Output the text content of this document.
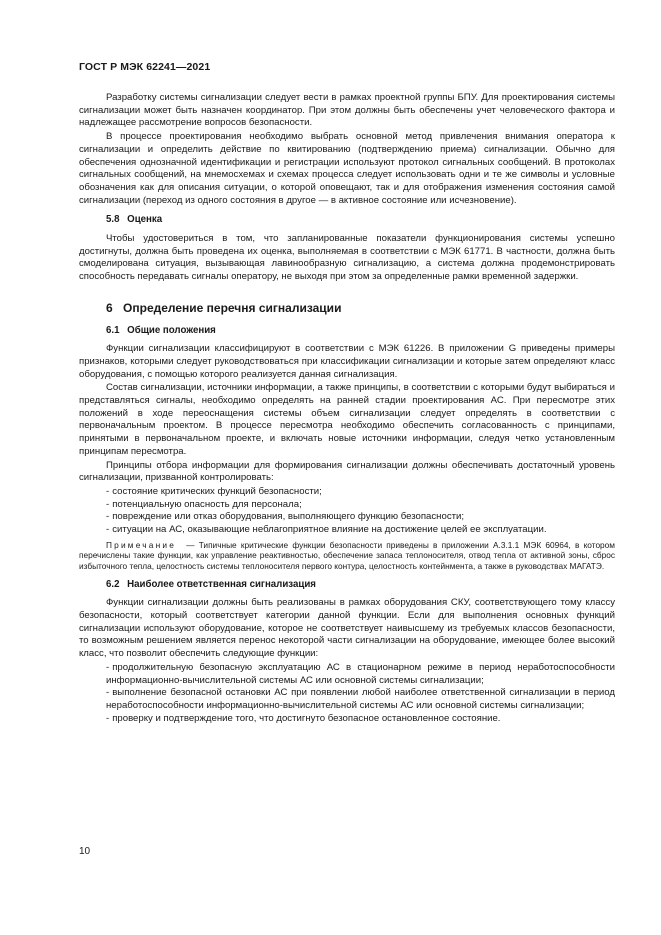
ГОСТ Р МЭК 62241—2021

Разработку системы сигнализации следует вести в рамках проектной группы БПУ. Для проектирования системы сигнализации может быть назначен координатор. При этом должны быть обеспечены учет человеческого фактора и надлежащее рассмотрение вопросов безопасности.

В процессе проектирования необходимо выбрать основной метод привлечения внимания оператора к сигнализации и определить действие по квитированию (подтверждению приема) сигнализации. Обычно для обеспечения однозначной идентификации и регистрации используют протокол сигнальных сообщений. В протоколах сигнальных сообщений, на мнемосхемах и схемах процесса следует использовать одни и те же символы и условные обозначения как для описания ситуации, о которой оповещают, так и для отображения изменения состояния самой сигнализации (переход из одного состояния в другое — в активное состояние или исчезновение).

5.8 Оценка

Чтобы удостовериться в том, что запланированные показатели функционирования системы успешно достигнуты, должна быть проведена их оценка, выполняемая в соответствии с МЭК 61771. В частности, должна быть смоделирована ситуация, вызывающая лавинообразную сигнализацию, а система должна продемонстрировать способность передавать сигналы оператору, не выходя при этом за определенные рамки временной задержки.

6 Определение перечня сигнализации
6.1 Общие положения

Функции сигнализации классифицируют в соответствии с МЭК 61226. В приложении G приведены примеры признаков, которыми следует руководствоваться при классификации сигнализации и которые затем определяют класс оборудования, с помощью которого реализуется данная сигнализация.

Состав сигнализации, источники информации, а также принципы, в соответствии с которыми будут выбираться и представляться сигналы, необходимо определять на ранней стадии проектирования АС. При пересмотре этих положений в ходе переоснащения системы объем сигнализации следует определять в соответствии с первоначальным проектом. В процессе пересмотра необходимо обеспечить согласованность с принципами, принятыми в первоначальном проекте, и включать новые источники информации, следуя четко установленным принципам пересмотра.

Принципы отбора информации для формирования сигнализации должны обеспечивать достаточный уровень сигнализации, призванной контролировать:

- состояние критических функций безопасности;
- потенциальную опасность для персонала;
- повреждение или отказ оборудования, выполняющего функцию безопасности;
- ситуации на АС, оказывающие неблагоприятное влияние на достижение целей ее эксплуатации.

Примечание — Типичные критические функции безопасности приведены в приложении А.3.1.1 МЭК 60964, в котором перечислены такие функции, как управление реактивностью, обеспечение запаса теплоносителя, отвод тепла от активной зоны, сброс избыточного тепла, целостность системы теплоносителя первого контура, целостность контейнмента, а также в руководствах МАГАТЭ.

6.2 Наиболее ответственная сигнализация

Функции сигнализации должны быть реализованы в рамках оборудования СКУ, соответствующего тому классу безопасности, который соответствует категории данной функции. Если для выполнения основных функций сигнализации используют оборудование, которое не соответствует наивысшему из требуемых классов безопасности, то возможным решением является перенос некоторой части сигнализации на оборудование, имеющее более высокий класс, что позволит обеспечить следующие функции:

- продолжительную безопасную эксплуатацию АС в стационарном режиме в период неработоспособности информационно-вычислительной системы АС или основной системы сигнализации;
- выполнение безопасной остановки АС при появлении любой наиболее ответственной сигнализации в период неработоспособности информационно-вычислительной системы АС или основной системы сигнализации;
- проверку и подтверждение того, что достигнуто безопасное остановленное состояние.
10
